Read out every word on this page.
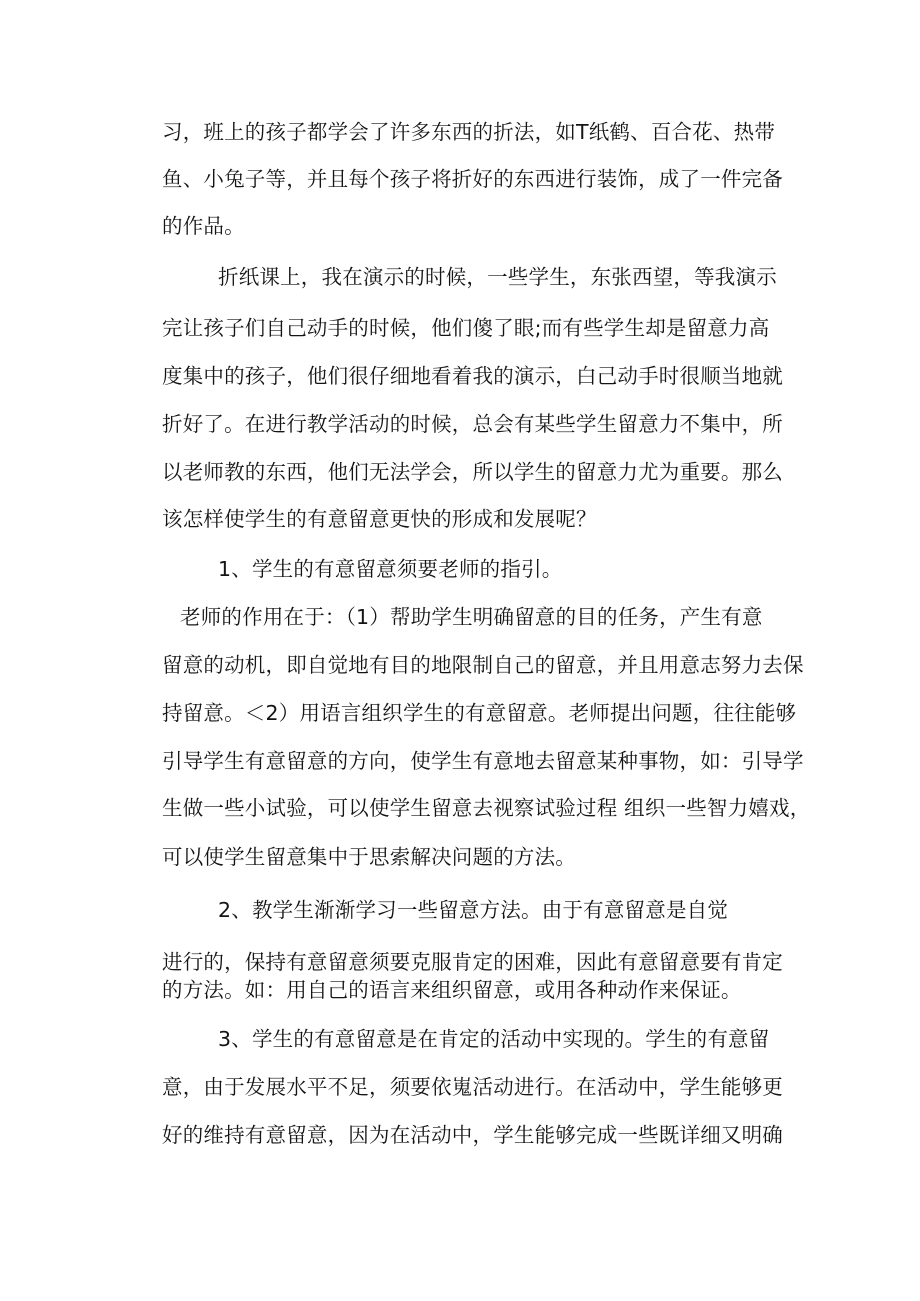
习，班上的孩子都学会了许多东西的折法，如T纸鹤、百合花、热带
鱼、小兔子等，并且每个孩子将折好的东西进行装饰，成了一件完备
的作品。
折纸课上，我在演示的时候，一些学生，东张西望，等我演示
完让孩子们自己动手的时候，他们傻了眼;而有些学生却是留意力高
度集中的孩子，他们很仔细地看着我的演示，白己动手时很顺当地就
折好了。在进行教学活动的时候，总会有某些学生留意力不集中，所
以老师教的东西，他们无法学会，所以学生的留意力尤为重要。那么
该怎样使学生的有意留意更快的形成和发展呢？
1、学生的有意留意须要老师的指引。
老师的作用在于：（1）帮助学生明确留意的目的任务，产生有意
留意的动机，即自觉地有目的地限制自己的留意，并且用意志努力去保
持留意。＜2）用语言组织学生的有意留意。老师提出问题，往往能够
引导学生有意留意的方向，使学生有意地去留意某种事物，如：引导学
生做一些小试验，可以使学生留意去视察试验过程 组织一些智力嬉戏，
可以使学生留意集中于思索解决问题的方法。
2、教学生渐渐学习一些留意方法。由于有意留意是自觉
进行的，保持有意留意须要克服肯定的困难，因此有意留意要有肯定
的方法。如：用自己的语言来组织留意，或用各种动作来保证。
3、学生的有意留意是在肯定的活动中实现的。学生的有意留
意，由于发展水平不足，须要依嵬活动进行。在活动中，学生能够更
好的维持有意留意，因为在活动中，学生能够完成一些既详细又明确
